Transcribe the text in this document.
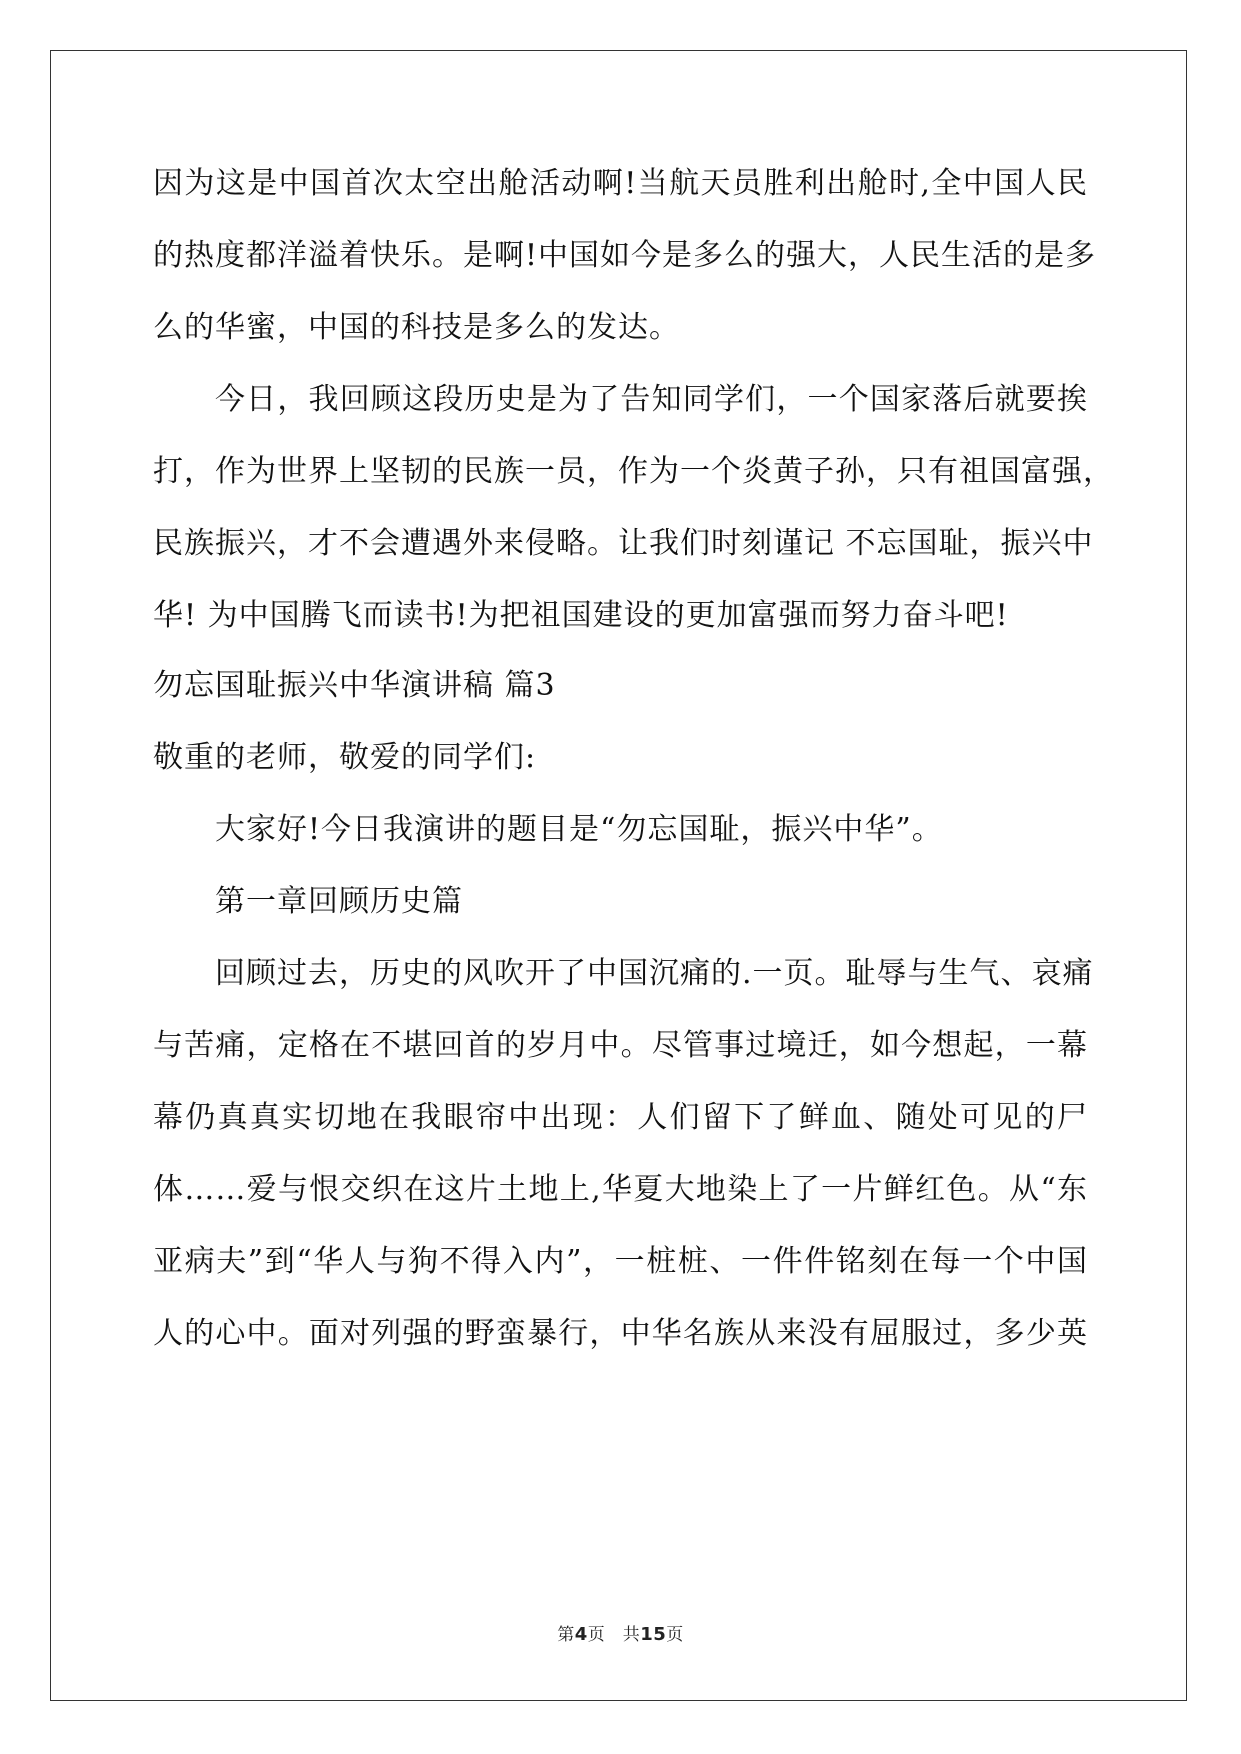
因为这是中国首次太空出舱活动啊!当航天员胜利出舱时,全中国人民
的热度都洋溢着快乐。是啊!中国如今是多么的强大，人民生活的是多
么的华蜜，中国的科技是多么的发达。
今日，我回顾这段历史是为了告知同学们，一个国家落后就要挨
打，作为世界上坚韧的民族一员，作为一个炎黄子孙，只有祖国富强，
民族振兴，才不会遭遇外来侵略。让我们时刻谨记 不忘国耻，振兴中
华! 为中国腾飞而读书!为把祖国建设的更加富强而努力奋斗吧!
勿忘国耻振兴中华演讲稿 篇3
敬重的老师，敬爱的同学们:
大家好!今日我演讲的题目是“勿忘国耻，振兴中华”。
第一章回顾历史篇
回顾过去，历史的风吹开了中国沉痛的.一页。耻辱与生气、哀痛
与苦痛，定格在不堪回首的岁月中。尽管事过境迁，如今想起，一幕
幕仍真真实切地在我眼帘中出现：人们留下了鲜血、随处可见的尸
体……爱与恨交织在这片土地上,华夏大地染上了一片鲜红色。从“东
亚病夫”到“华人与狗不得入内”，一桩桩、一件件铭刻在每一个中国
人的心中。面对列强的野蛮暴行，中华名族从来没有屈服过，多少英
第4页　共15页
